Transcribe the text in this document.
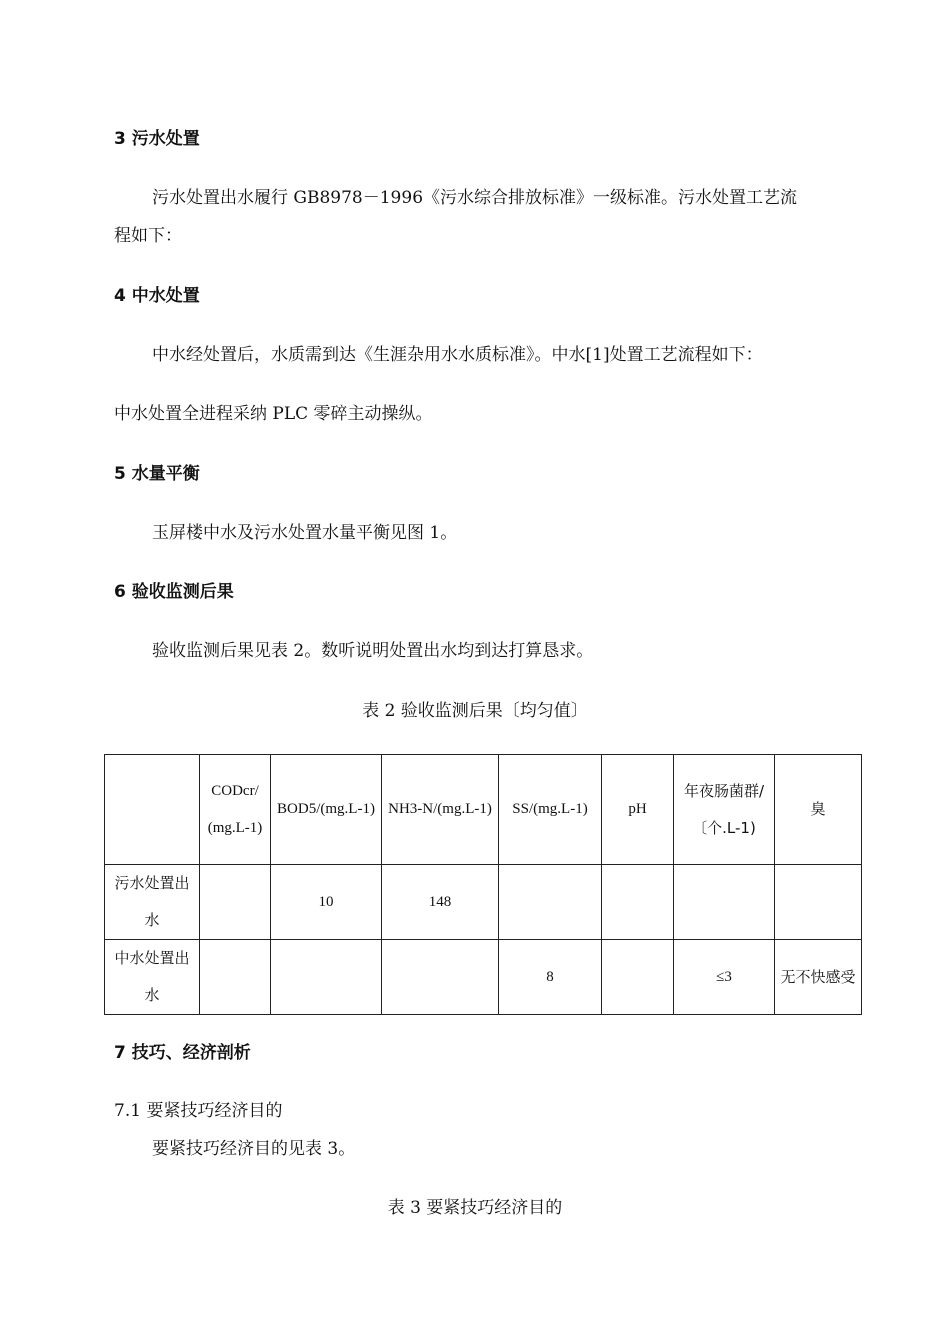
3 污水处置
污水处置出水履行 GB8978－1996《污水综合排放标准》一级标准。污水处置工艺流
程如下：
4 中水处置
中水经处置后，水质需到达《生涯杂用水水质标准》。中水[1]处置工艺流程如下：
中水处置全进程采纳 PLC 零碎主动操纵。
5 水量平衡
玉屏楼中水及污水处置水量平衡见图 1。
6 验收监测后果
验收监测后果见表 2。数听说明处置出水均到达打算恳求。
表 2 验收监测后果〔均匀值〕
	CODcr/(mg.L-1)	BOD5/(mg.L-1)	NH3-N/(mg.L-1)	SS/(mg.L-1)	pH	年夜肠菌群/〔个.L-1)	臭
污水处置出水		10	148				
中水处置出水				8		≤3	无不快感受
7 技巧、经济剖析
7.1 要紧技巧经济目的
要紧技巧经济目的见表 3。
表 3 要紧技巧经济目的
